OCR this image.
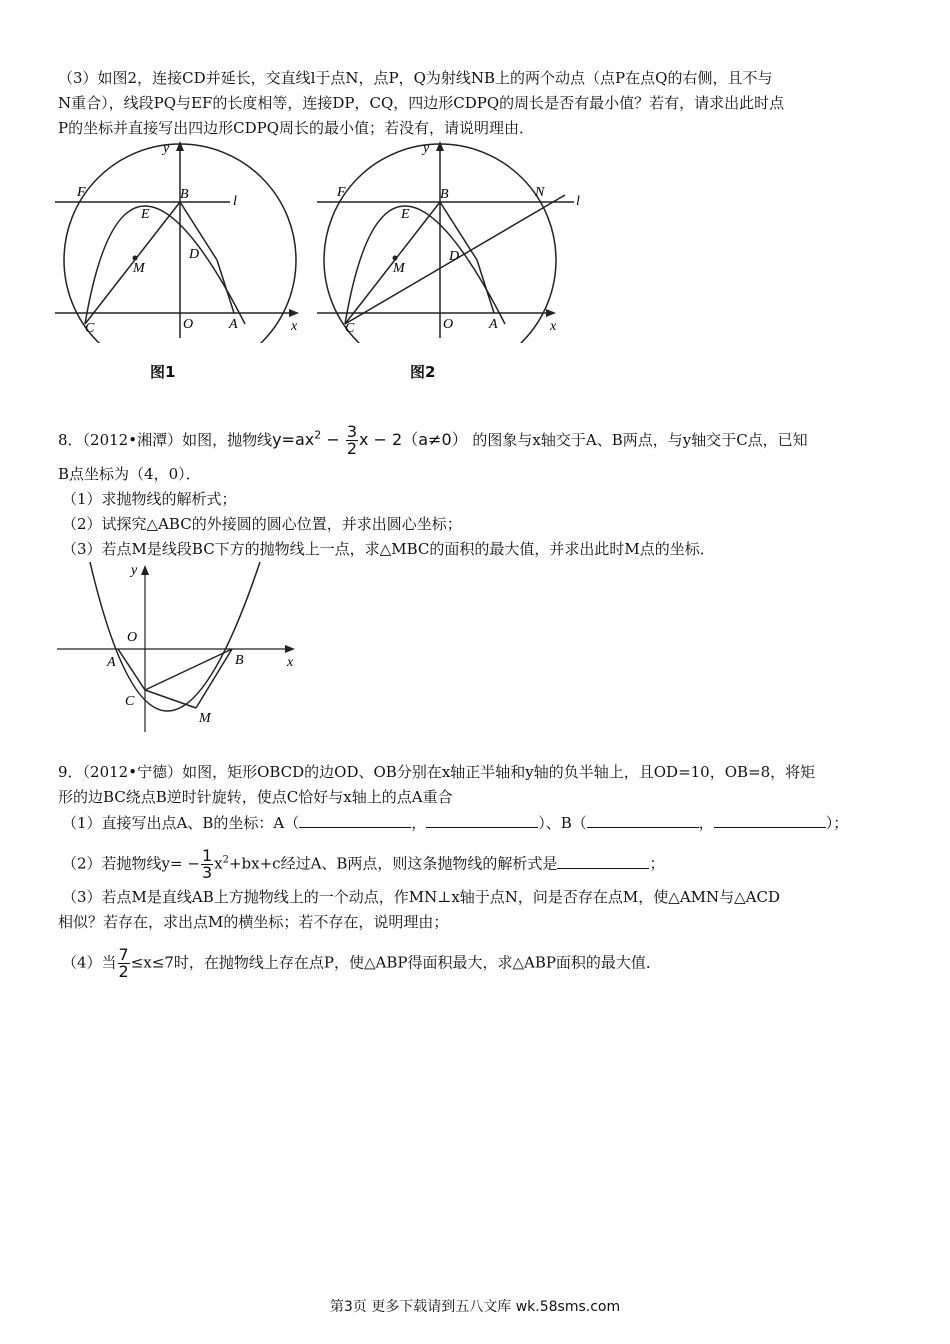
（3）如图2，连接CD并延长，交直线l于点N，点P，Q为射线NB上的两个动点（点P在点Q的右侧，且不与
N重合），线段PQ与EF的长度相等，连接DP，CQ，四边形CDPQ的周长是否有最小值？若有，请求出此时点
P的坐标并直接写出四边形CDPQ周长的最小值；若没有，请说明理由．
y
F	B	l
E
M
D
C	O	A	x
图1
y
F	B	N
l
E
M
D
C	O	A	x
图2
8．（2012•湘潭）如图，抛物线$y=ax^2 - \frac{3}{2}$ x − 2（a≠0） 的图象与x轴交于A、B两点，与y轴交于C点，已知
B点坐标为（4，0）．
（1）求抛物线的解析式；
（2）试探究△ABC的外接圆的圆心位置，并求出圆心坐标；
（3）若点M是线段BC下方的抛物线上一点，求△MBC的面积的最大值，并求出此时M点的坐标．
y
O
A	B	x
C
M
9．（2012•宁德）如图，矩形OBCD的边OD、OB分别在x轴正半轴和y轴的负半轴上，且OD=10，OB=8，将矩
形的边BC绕点B逆时针旋转，使点C恰好与x轴上的点A重合
（1）直接写出点A、B的坐标：A（	，	）、B（	，	）；
（2）若抛物线$y= - \frac{1}{3} x^2+bx+c$经过A、B两点，则这条抛物线的解析式是	；
（3）若点M是直线AB上方抛物线上的一个动点，作MN⊥x轴于点N，问是否存在点M，使△AMN与△ACD
相似？若存在，求出点M的横坐标；若不存在，说明理由；
（4）当 $\frac{7}{2} \le x\le 7$时，在抛物线上存在点P，使△ABP得面积最大，求△ABP面积的最大值．
第3页 更多下载请到五八文库 wk.58sms.com
